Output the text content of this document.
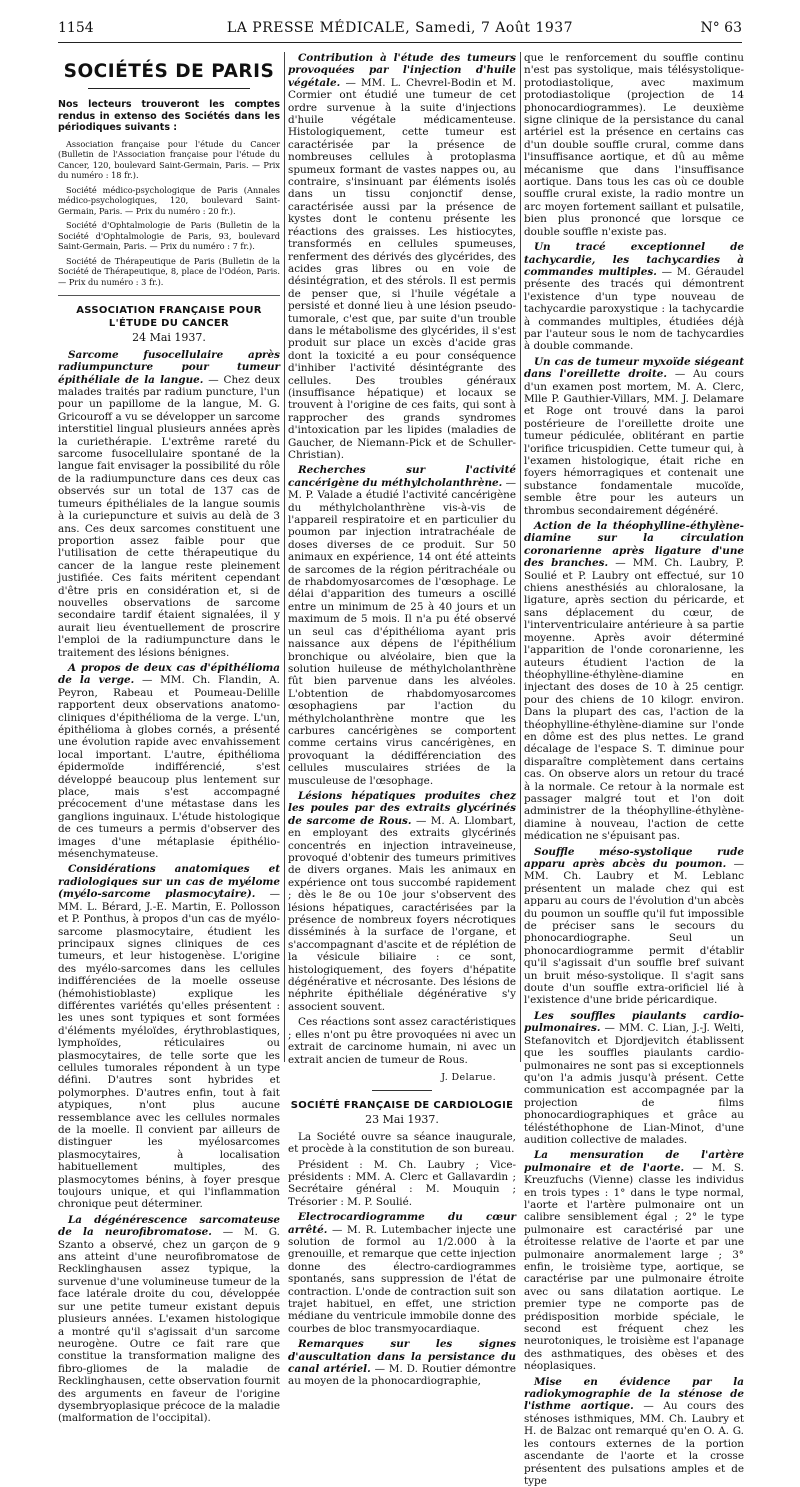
1154	LA PRESSE MÉDICALE, Samedi, 7 Août 1937	N° 63
SOCIÉTÉS DE PARIS

Nos lecteurs trouveront les comptes rendus in extenso des Sociétés dans les périodiques suivants :

Association française pour l'étude du Cancer (Bulletin de l'Association française pour l'étude du Cancer, 120, boulevard Saint-Germain, Paris. — Prix du numéro : 18 fr.).

Société médico-psychologique de Paris (Annales médico-psychologiques, 120, boulevard Saint-Germain, Paris. — Prix du numéro : 20 fr.).

Société d'Ophtalmologie de Paris (Bulletin de la Société d'Ophtalmologie de Paris, 93, boulevard Saint-Germain, Paris. — Prix du numéro : 7 fr.).

Société de Thérapeutique de Paris (Bulletin de la Société de Thérapeutique, 8, place de l'Odéon, Paris. — Prix du numéro : 3 fr.).

ASSOCIATION FRANÇAISE POUR L'ÉTUDE DU CANCER
24 Mai 1937.

Sarcome fusocellulaire après radiumpuncture pour tumeur épithéliale de la langue. — Chez deux malades traités par radium puncture, l'un pour un papillome de la langue, M. G. Gricouroff a vu se développer un sarcome interstitiel lingual plusieurs années après la curiethérapie. L'extrême rareté du sarcome fusocellulaire spontané de la langue fait envisager la possibilité du rôle de la radiumpuncture dans ces deux cas observés sur un total de 137 cas de tumeurs épithéliales de la langue soumis à la curiepuncture et suivis au delà de 3 ans. Ces deux sarcomes constituent une proportion assez faible pour que l'utilisation de cette thérapeutique du cancer de la langue reste pleinement justifiée. Ces faits méritent cependant d'être pris en considération et, si de nouvelles observations de sarcome secondaire tardif étaient signalées, il y aurait lieu éventuellement de proscrire l'emploi de la radiumpuncture dans le traitement des lésions bénignes.

A propos de deux cas d'épithélioma de la verge. — MM. Ch. Flandin, A. Peyron, Rabeau et Poumeau-Delille rapportent deux observations anatomo-cliniques d'épithélioma de la verge. L'un, épithélioma à globes cornés, a présenté une évolution rapide avec envahissement local important. L'autre, épithélioma épidermoïde indifférencié, s'est développé beaucoup plus lentement sur place, mais s'est accompagné précocement d'une métastase dans les ganglions inguinaux. L'étude histologique de ces tumeurs a permis d'observer des images d'une métaplasie épithélio-mésenchymateuse.

Considérations anatomiques et radiologiques sur un cas de myélome (myélo-sarcome plasmocytaire). — MM. L. Bérard, J.-E. Martin, E. Pollosson et P. Ponthus, à propos d'un cas de myélo-sarcome plasmocytaire, étudient les principaux signes cliniques de ces tumeurs, et leur histogenèse. L'origine des myélo-sarcomes dans les cellules indifférenciées de la moelle osseuse (hémohistioblaste) explique les différentes variétés qu'elles présentent : les unes sont typiques et sont formées d'éléments myéloïdes, érythroblastiques, lymphoïdes, réticulaires ou plasmocytaires, de telle sorte que les cellules tumorales répondent à un type défini. D'autres sont hybrides et polymorphes. D'autres enfin, tout à fait atypiques, n'ont plus aucune ressemblance avec les cellules normales de la moelle. Il convient par ailleurs de distinguer les myélosarcomes plasmocytaires, à localisation habituellement multiples, des plasmocytomes bénins, à foyer presque toujours unique, et qui l'inflammation chronique peut déterminer.

La dégénérescence sarcomateuse de la neurofibromatose. — M. G. Szanto a observé, chez un garçon de 9 ans atteint d'une neurofibromatose de Recklinghausen assez typique, la survenue d'une volumineuse tumeur de la face latérale droite du cou, développée sur une petite tumeur existant depuis plusieurs années. L'examen histologique a montré qu'il s'agissait d'un sarcome neurogène. Outre ce fait rare que constitue la transformation maligne des fibro-gliomes de la maladie de Recklinghausen, cette observation fournit des arguments en faveur de l'origine dysembryoplasique précoce de la maladie (malformation de l'occipital).

Contribution à l'étude des tumeurs provoquées par l'injection d'huile végétale. — MM. L. Chevrel-Bodin et M. Cormier ont étudié une tumeur de cet ordre survenue à la suite d'injections d'huile végétale médicamenteuse. Histologiquement, cette tumeur est caractérisée par la présence de nombreuses cellules à protoplasma spumeux formant de vastes nappes ou, au contraire, s'insinuant par éléments isolés dans un tissu conjonctif dense, caractérisée aussi par la présence de kystes dont le contenu présente les réactions des graisses. Les histiocytes, transformés en cellules spumeuses, renferment des dérivés des glycérides, des acides gras libres ou en voie de désintégration, et des stérols. Il est permis de penser que, si l'huile végétale a persisté et donné lieu à une lésion pseudo-tumorale, c'est que, par suite d'un trouble dans le métabolisme des glycérides, il s'est produit sur place un excès d'acide gras dont la toxicité a eu pour conséquence d'inhiber l'activité désintégrante des cellules. Des troubles généraux (insuffisance hépatique) et locaux se trouvent à l'origine de ces faits, qui sont à rapprocher des grands syndromes d'intoxication par les lipides (maladies de Gaucher, de Niemann-Pick et de Schuller-Christian).

Recherches sur l'activité cancérigène du méthylcholanthrène. — M. P. Valade a étudié l'activité cancérigène du méthylcholanthrène vis-à-vis de l'appareil respiratoire et en particulier du poumon par injection intratrachéale de doses diverses de ce produit. Sur 50 animaux en expérience, 14 ont été atteints de sarcomes de la région péritrachéale ou de rhabdomyosarcomes de l'œsophage. Le délai d'apparition des tumeurs a oscillé entre un minimum de 25 à 40 jours et un maximum de 5 mois. Il n'a pu été observé un seul cas d'épithélioma ayant pris naissance aux dépens de l'épithélium bronchique ou alvéolaire, bien que la solution huileuse de méthylcholanthrène fût bien parvenue dans les alvéoles. L'obtention de rhabdomyosarcomes œsophagiens par l'action du méthylcholanthrène montre que les carbures cancérigènes se comportent comme certains virus cancérigènes, en provoquant la dédifférenciation des cellules musculaires striées de la musculeuse de l'œsophage.

Lésions hépatiques produites chez les poules par des extraits glycérinés de sarcome de Rous. — M. A. Llombart, en employant des extraits glycérinés concentrés en injection intraveineuse, provoqué d'obtenir des tumeurs primitives de divers organes. Mais les animaux en expérience ont tous succombé rapidement ; dès le 8e ou 10e jour s'observent des lésions hépatiques, caractérisées par la présence de nombreux foyers nécrotiques disséminés à la surface de l'organe, et s'accompagnant d'ascite et de réplétion de la vésicule biliaire : ce sont, histologiquement, des foyers d'hépatite dégénérative et nécrosante. Des lésions de néphrite épithéliale dégénérative s'y associent souvent.

Ces réactions sont assez caractéristiques ; elles n'ont pu être provoquées ni avec un extrait de carcinome humain, ni avec un extrait ancien de tumeur de Rous.

J. Delarue.
SOCIÉTÉ FRANÇAISE DE CARDIOLOGIE
23 Mai 1937.

La Société ouvre sa séance inaugurale, et procède à la constitution de son bureau.

Président : M. Ch. Laubry ; Vice-présidents : MM. A. Clerc et Gallavardin ; Secrétaire général : M. Mouquin ; Trésorier : M. P. Soulié.

Electrocardiogramme du cœur arrêté. — M. R. Lutembacher injecte une solution de formol au 1/2.000 à la grenouille, et remarque que cette injection donne des électro-cardiogrammes spontanés, sans suppression de l'état de contraction. L'onde de contraction suit son trajet habituel, en effet, une striction médiane du ventricule immobile donne des courbes de bloc transmyocardiaque.

Remarques sur les signes d'auscultation dans la persistance du canal artériel. — M. D. Routier démontre au moyen de la phonocardiographie,

que le renforcement du souffle continu n'est pas systolique, mais télésystolique-protodiastolique, avec maximum protodiastolique (projection de 14 phonocardiogrammes). Le deuxième signe clinique de la persistance du canal artériel est la présence en certains cas d'un double souffle crural, comme dans l'insuffisance aortique, et dû au même mécanisme que dans l'insuffisance aortique. Dans tous les cas où ce double souffle crural existe, la radio montre un arc moyen fortement saillant et pulsatile, bien plus prononcé que lorsque ce double souffle n'existe pas.

Un tracé exceptionnel de tachycardie, les tachycardies à commandes multiples. — M. Géraudel présente des tracés qui démontrent l'existence d'un type nouveau de tachycardie paroxystique : la tachycardie à commandes multiples, étudiées déjà par l'auteur sous le nom de tachycardies à double commande.

Un cas de tumeur myxoïde siégeant dans l'oreillette droite. — Au cours d'un examen post mortem, M. A. Clerc, Mlle P. Gauthier-Villars, MM. J. Delamare et Roge ont trouvé dans la paroi postérieure de l'oreillette droite une tumeur pédiculée, oblitérant en partie l'orifice tricuspidien. Cette tumeur qui, à l'examen histologique, était riche en foyers hémorragiques et contenait une substance fondamentale mucoïde, semble être pour les auteurs un thrombus secondairement dégénéré.

Action de la théophylline-éthylène-diamine sur la circulation coronarienne après ligature d'une des branches. — MM. Ch. Laubry, P. Soulié et P. Laubry ont effectué, sur 10 chiens anesthésiés au chloralosane, la ligature, après section du péricarde, et sans déplacement du cœur, de l'interventriculaire antérieure à sa partie moyenne. Après avoir déterminé l'apparition de l'onde coronarienne, les auteurs étudient l'action de la théophylline-éthylène-diamine en injectant des doses de 10 à 25 centigr. pour des chiens de 10 kilogr. environ. Dans la plupart des cas, l'action de la théophylline-éthylène-diamine sur l'onde en dôme est des plus nettes. Le grand décalage de l'espace S. T. diminue pour disparaître complètement dans certains cas. On observe alors un retour du tracé à la normale. Ce retour à la normale est passager malgré tout et l'on doit administrer de la théophylline-éthylène-diamine à nouveau, l'action de cette médication ne s'épuisant pas.

Souffle méso-systolique rude apparu après abcès du poumon. — MM. Ch. Laubry et M. Leblanc présentent un malade chez qui est apparu au cours de l'évolution d'un abcès du poumon un souffle qu'il fut impossible de préciser sans le secours du phonocardiographe. Seul un phonocardiogramme permit d'établir qu'il s'agissait d'un souffle bref suivant un bruit méso-systolique. Il s'agit sans doute d'un souffle extra-orificiel lié à l'existence d'une bride péricardique.

Les souffles piaulants cardio-pulmonaires. — MM. C. Lian, J.-J. Welti, Stefanovitch et Djordjevitch établissent que les souffles piaulants cardio-pulmonaires ne sont pas si exceptionnels qu'on l'a admis jusqu'à présent. Cette communication est accompagnée par la projection de films phonocardiographiques et grâce au téléstéthophone de Lian-Minot, d'une audition collective de malades.

La mensuration de l'artère pulmonaire et de l'aorte. — M. S. Kreuzfuchs (Vienne) classe les individus en trois types : 1° dans le type normal, l'aorte et l'artère pulmonaire ont un calibre sensiblement égal ; 2° le type pulmonaire est caractérisé par une étroitesse relative de l'aorte et par une pulmonaire anormalement large ; 3° enfin, le troisième type, aortique, se caractérise par une pulmonaire étroite avec ou sans dilatation aortique. Le premier type ne comporte pas de prédisposition morbide spéciale, le second est fréquent chez les neurotoniques, le troisième est l'apanage des asthmatiques, des obèses et des néoplasiques.

Mise en évidence par la radiokymographie de la sténose de l'isthme aortique. — Au cours des sténoses isthmiques, MM. Ch. Laubry et H. de Balzac ont remarqué qu'en O. A. G. les contours externes de la portion ascendante de l'aorte et la crosse présentent des pulsations amples et de type
